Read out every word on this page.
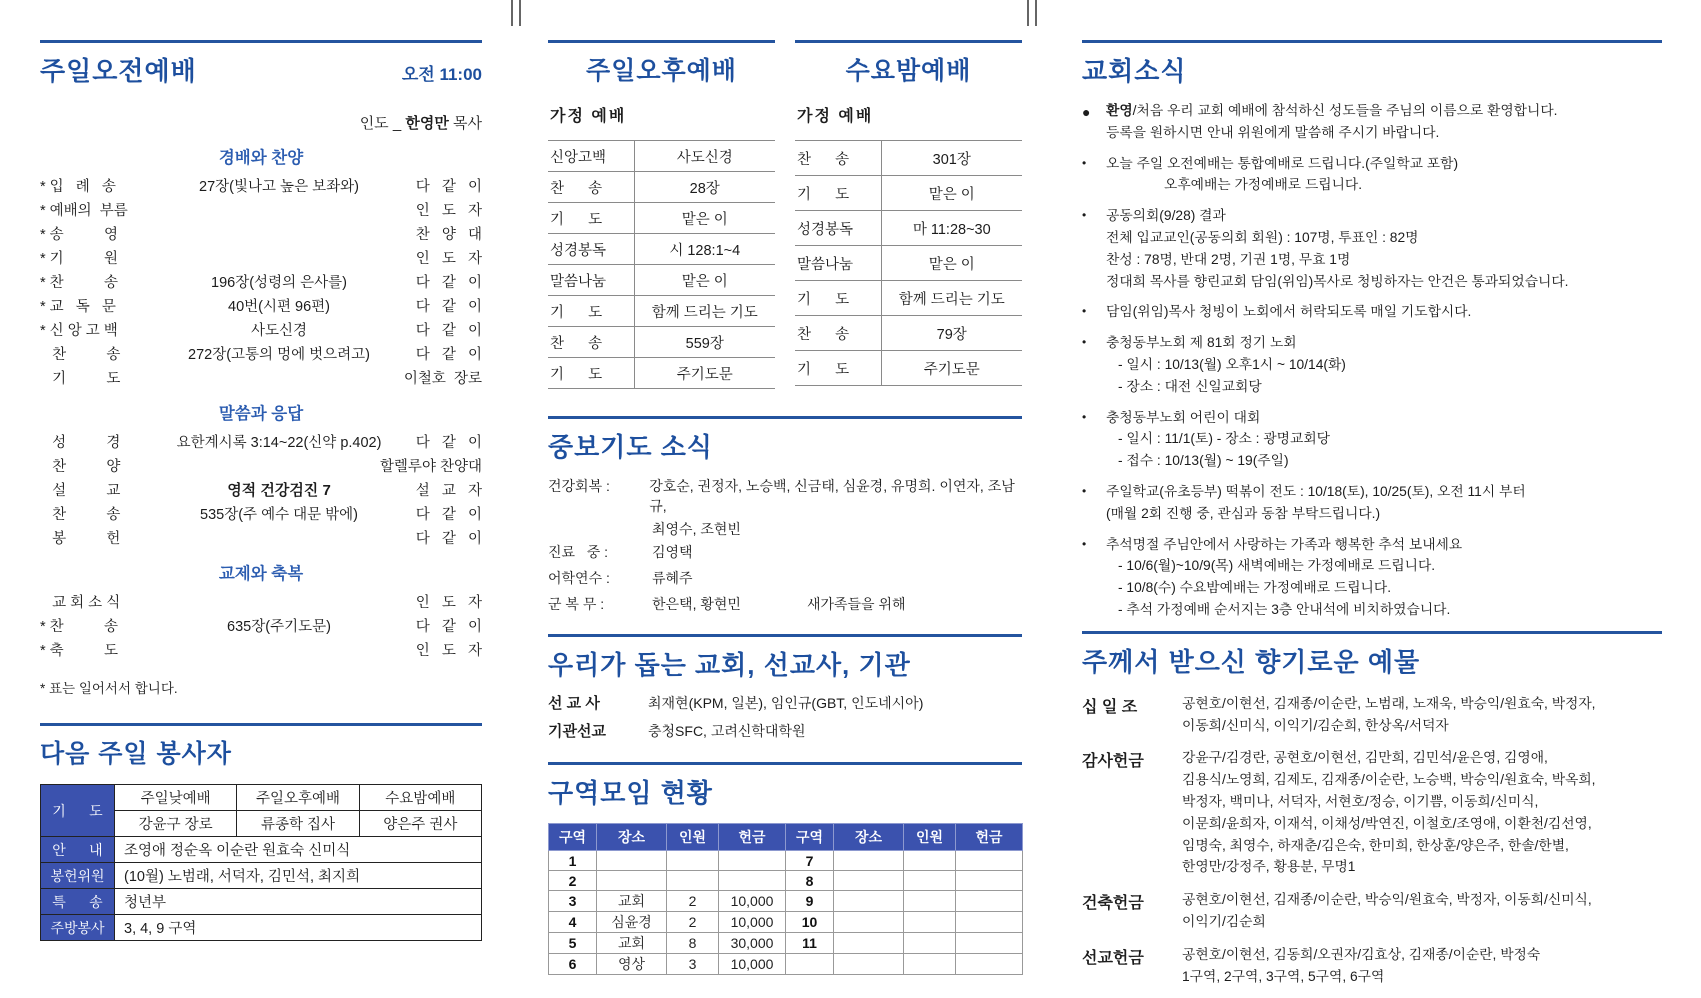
주일오전예배	오전 11:00
인도 _ 한영만 목사
경배와 찬양
* 입   례   송	27장(빛나고 높은 보좌와)	다   같   이
* 예배의  부름	인   도   자
* 송          영	찬   양   대
* 기          원	인   도   자
* 찬          송	196장(성령의 은사를)	다   같   이
* 교   독   문	40번(시편 96편)	다   같   이
* 신 앙 고 백	사도신경	다   같   이
찬          송	272장(고통의 멍에 벗으려고)	다   같   이
기          도	이철호  장로
말씀과 응답
성          경	요한계시록 3:14~22(신약 p.402)	다   같   이
찬          양	할렐루야 찬양대
설          교	영적 건강검진 7	설   교   자
찬          송	535장(주 예수 대문 밖에)	다   같   이
봉          헌	다   같   이
교제와 축복
교 회 소 식	인   도   자
* 찬          송	635장(주기도문)	다   같   이
* 축          도	인   도   자
* 표는 일어서서 합니다.
다음 주일 봉사자
기      도	주일낮예배	주일오후예배	수요밤예배
	강윤구 장로	류종학 집사	양은주 권사
안      내	조영애 정순옥 이순란 원효숙 신미식		
봉헌위원	(10월) 노범래, 서덕자, 김민석, 최지희		
특      송	청년부		
주방봉사	3, 4, 9 구역		
주일오후예배
가정 예배
신앙고백	사도신경
찬      송	28장
기      도	맡은 이
성경봉독	시 128:1~4
말씀나눔	맡은 이
기      도	함께 드리는 기도
찬      송	559장
기      도	주기도문
수요밤예배
가정 예배
찬      송	301장
기      도	맡은 이
성경봉독	마 11:28~30
말씀나눔	맡은 이
기      도	함께 드리는 기도
찬      송	79장
기      도	주기도문
중보기도 소식
건강회복 :	강호순, 권정자, 노승백, 신금태, 심윤경, 유명희. 이연자, 조남규,
최영수, 조현빈
진료   중 :	김영택
어학연수 :	류혜주
군 복 무 :	한은택, 황현민	새가족들을 위해
우리가 돕는 교회, 선교사, 기관
선 교 사	최재현(KPM, 일본), 임인규(GBT, 인도네시아)
기관선교	충청SFC, 고려신학대학원
구역모임 현황
구역	장소	인원	헌금	구역	장소	인원	헌금
1				7			
2				8			
3	교회	2	10,000	9			
4	심윤경	2	10,000	10			
5	교회	8	30,000	11			
6	영상	3	10,000				
교회소식
●	환영/처음 우리 교회 예배에 참석하신 성도들을 주님의 이름으로 환영합니다.
등록을 원하시면 안내 위원에게 말씀해 주시기 바랍니다.
•	오늘 주일 오전예배는 통합예배로 드립니다.(주일학교 포함)
오후예배는 가정예배로 드립니다.
•	공동의회(9/28) 결과
전체 입교교인(공동의회 회원) : 107명, 투표인 : 82명
찬성 : 78명, 반대 2명, 기권 1명, 무효 1명
정대희 목사를 향린교회 담임(위임)목사로 청빙하자는 안건은 통과되었습니다.
•	담임(위임)목사 청빙이 노회에서 허락되도록 매일 기도합시다.
•	충청동부노회 제 81회 정기 노회
- 일시 : 10/13(월) 오후1시 ~ 10/14(화)
- 장소 : 대전 신일교회당
•	충청동부노회 어린이 대회
- 일시 : 11/1(토) - 장소 : 광명교회당
- 접수 : 10/13(월) ~ 19(주일)
•	주일학교(유초등부) 떡볶이 전도 : 10/18(토), 10/25(토), 오전 11시 부터
(매월 2회 진행 중, 관심과 동참 부탁드립니다.)
•	추석명절 주님안에서 사랑하는 가족과 행복한 추석 보내세요
- 10/6(월)~10/9(목) 새벽예배는 가정예배로 드립니다.
- 10/8(수) 수요밤예배는 가정예배로 드립니다.
- 추석 가정예배 순서지는 3층 안내석에 비치하였습니다.
주께서 받으신 향기로운 예물
십 일 조	공현호/이현선, 김재종/이순란, 노범래, 노재욱, 박승익/원효숙, 박정자,
이동희/신미식, 이익기/김순희, 한상옥/서덕자
감사헌금	강윤구/김경란, 공현호/이현선, 김만희, 김민석/윤은영, 김영애,
김용식/노영희, 김제도, 김재종/이순란, 노승백, 박승익/원효숙, 박옥희,
박정자, 백미나, 서덕자, 서현호/정승, 이기쁨, 이동희/신미식,
이문희/윤희자, 이재석, 이채성/박연진, 이철호/조영애, 이환천/김선영,
임명숙, 최영수, 하재춘/김은숙, 한미희, 한상훈/양은주, 한솔/한별,
한영만/강정주, 황용분, 무명1
건축헌금	공현호/이현선, 김재종/이순란, 박승익/원효숙, 박정자, 이동희/신미식,
이익기/김순희
선교헌금	공현호/이현선, 김동희/오권자/김효상, 김재종/이순란, 박정숙
1구역, 2구역, 3구역, 5구역, 6구역
